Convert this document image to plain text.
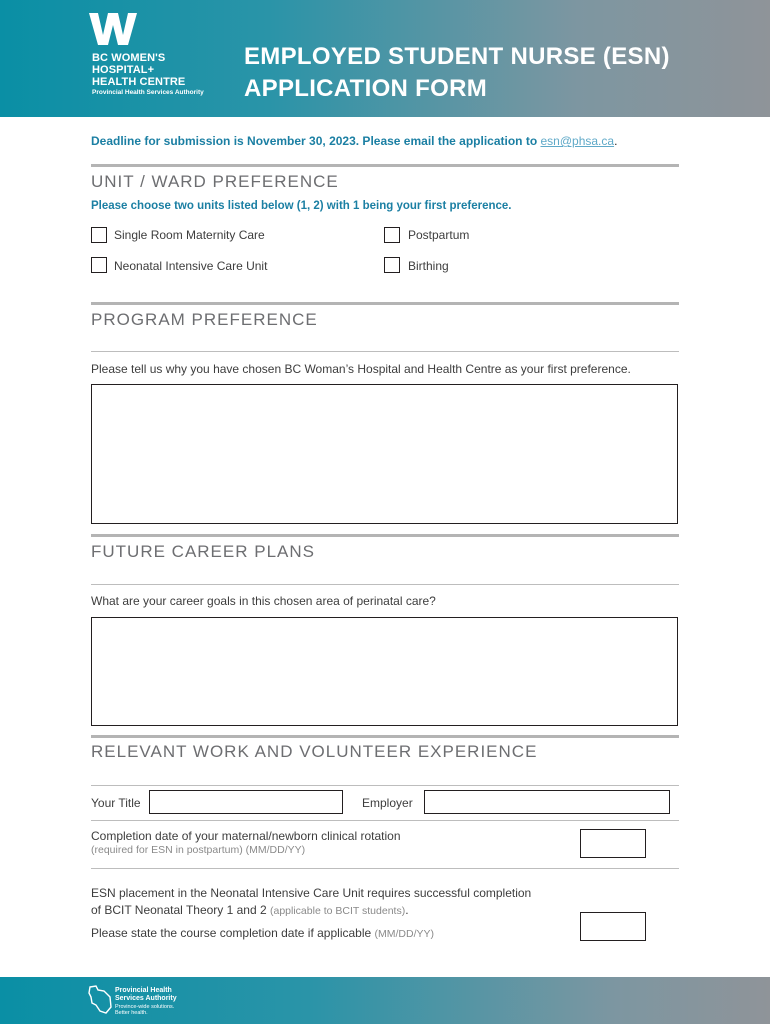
BC WOMEN'S
HOSPITAL+
HEALTH CENTRE
Provincial Health Services Authority
EMPLOYED STUDENT NURSE (ESN)
APPLICATION FORM
Deadline for submission is November 30, 2023. Please email the application to esn@phsa.ca.
UNIT / WARD PREFERENCE
Please choose two units listed below (1, 2) with 1 being your first preference.
Single Room Maternity Care	Postpartum
Neonatal Intensive Care Unit	Birthing
PROGRAM PREFERENCE
Please tell us why you have chosen BC Woman’s Hospital and Health Centre as your first preference.
FUTURE CAREER PLANS
What are your career goals in this chosen area of perinatal care?
RELEVANT WORK AND VOLUNTEER EXPERIENCE
Your Title	Employer
Completion date of your maternal/newborn clinical rotation
(required for ESN in postpartum) (MM/DD/YY)
ESN placement in the Neonatal Intensive Care Unit requires successful completion
of BCIT Neonatal Theory 1 and 2 (applicable to BCIT students).
Please state the course completion date if applicable (MM/DD/YY)
Provincial Health
Services Authority
Province-wide solutions.
Better health.
